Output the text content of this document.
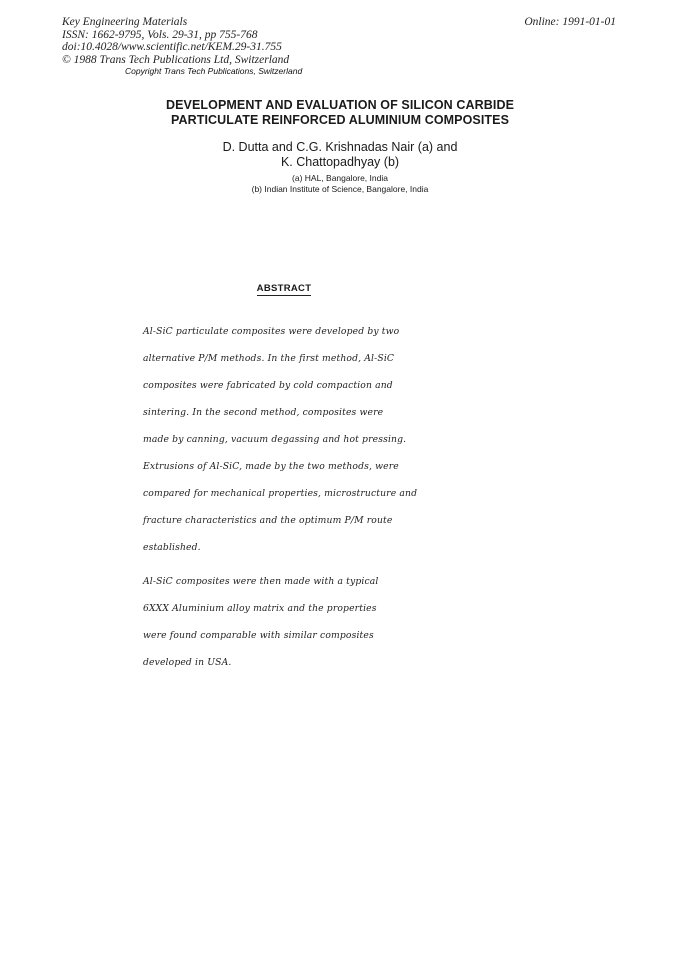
Key Engineering Materials
ISSN: 1662-9795, Vols. 29-31, pp 755-768
doi:10.4028/www.scientific.net/KEM.29-31.755
© 1988 Trans Tech Publications Ltd, Switzerland
Online: 1991-01-01
Copyright Trans Tech Publications, Switzerland
DEVELOPMENT AND EVALUATION OF SILICON CARBIDE
PARTICULATE REINFORCED ALUMINIUM COMPOSITES
D. Dutta and C.G. Krishnadas Nair (a) and
K. Chattopadhyay (b)
(a) HAL, Bangalore, India
(b) Indian Institute of Science, Bangalore, India
ABSTRACT
Al-SiC particulate composites were developed by two
alternative P/M methods. In the first method, Al-SiC
composites were fabricated by cold compaction and
sintering. In the second method, composites were
made by canning, vacuum degassing and hot pressing.
Extrusions of Al-SiC, made by the two methods, were
compared for mechanical properties, microstructure and
fracture characteristics and the optimum P/M route
established.
Al-SiC composites were then made with a typical
6XXX Aluminium alloy matrix and the properties
were found comparable with similar composites
developed in USA.
